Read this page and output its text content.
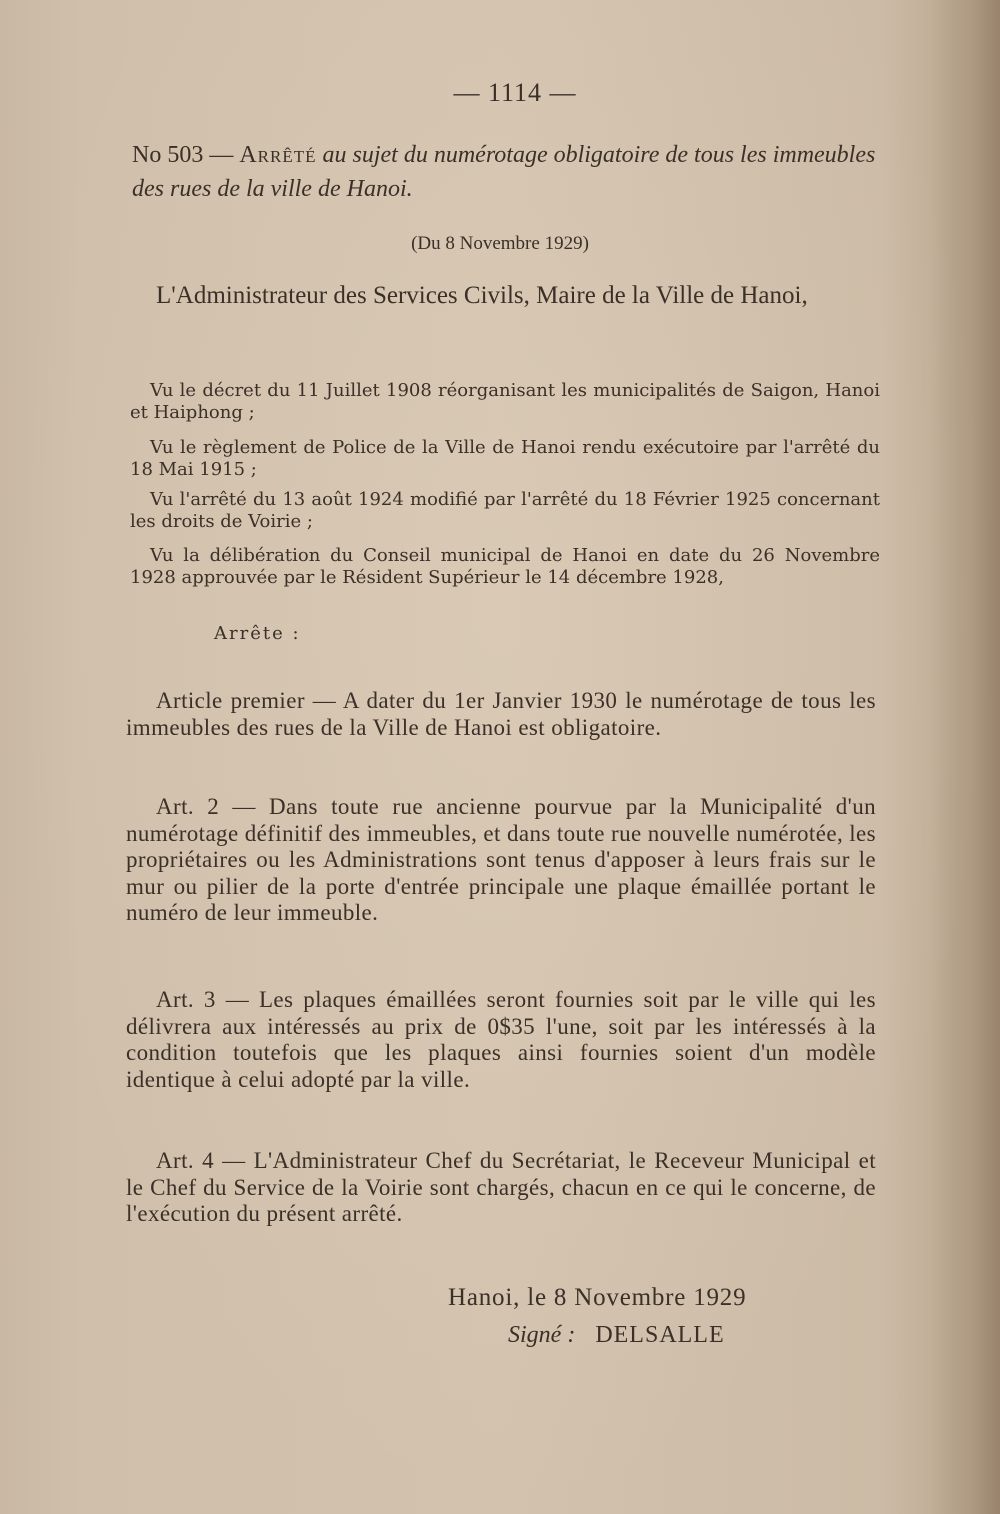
— 1114 —
No 503 — Arrêté au sujet du numérotage obligatoire de tous les immeubles des rues de la ville de Hanoi.
(Du 8 Novembre 1929)
L'Administrateur des Services Civils, Maire de la Ville de Hanoi,
Vu le décret du 11 Juillet 1908 réorganisant les municipalités de Saigon, Hanoi et Haiphong ;
Vu le règlement de Police de la Ville de Hanoi rendu exécutoire par l'arrêté du 18 Mai 1915 ;
Vu l'arrêté du 13 août 1924 modifié par l'arrêté du 18 Février 1925 concernant les droits de Voirie ;
Vu la délibération du Conseil municipal de Hanoi en date du 26 Novembre 1928 approuvée par le Résident Supérieur le 14 décembre 1928,
Arrête :
Article premier — A dater du 1er Janvier 1930 le numérotage de tous les immeubles des rues de la Ville de Hanoi est obligatoire.
Art. 2 — Dans toute rue ancienne pourvue par la Municipalité d'un numérotage définitif des immeubles, et dans toute rue nouvelle numérotée, les propriétaires ou les Administrations sont tenus d'apposer à leurs frais sur le mur ou pilier de la porte d'entrée principale une plaque émaillée portant le numéro de leur immeuble.
Art. 3 — Les plaques émaillées seront fournies soit par le ville qui les délivrera aux intéressés au prix de 0$35 l'une, soit par les intéressés à la condition toutefois que les plaques ainsi fournies soient d'un modèle identique à celui adopté par la ville.
Art. 4 — L'Administrateur Chef du Secrétariat, le Receveur Municipal et le Chef du Service de la Voirie sont chargés, chacun en ce qui le concerne, de l'exécution du présent arrêté.
Hanoi, le 8 Novembre 1929
Signé : DELSALLE
